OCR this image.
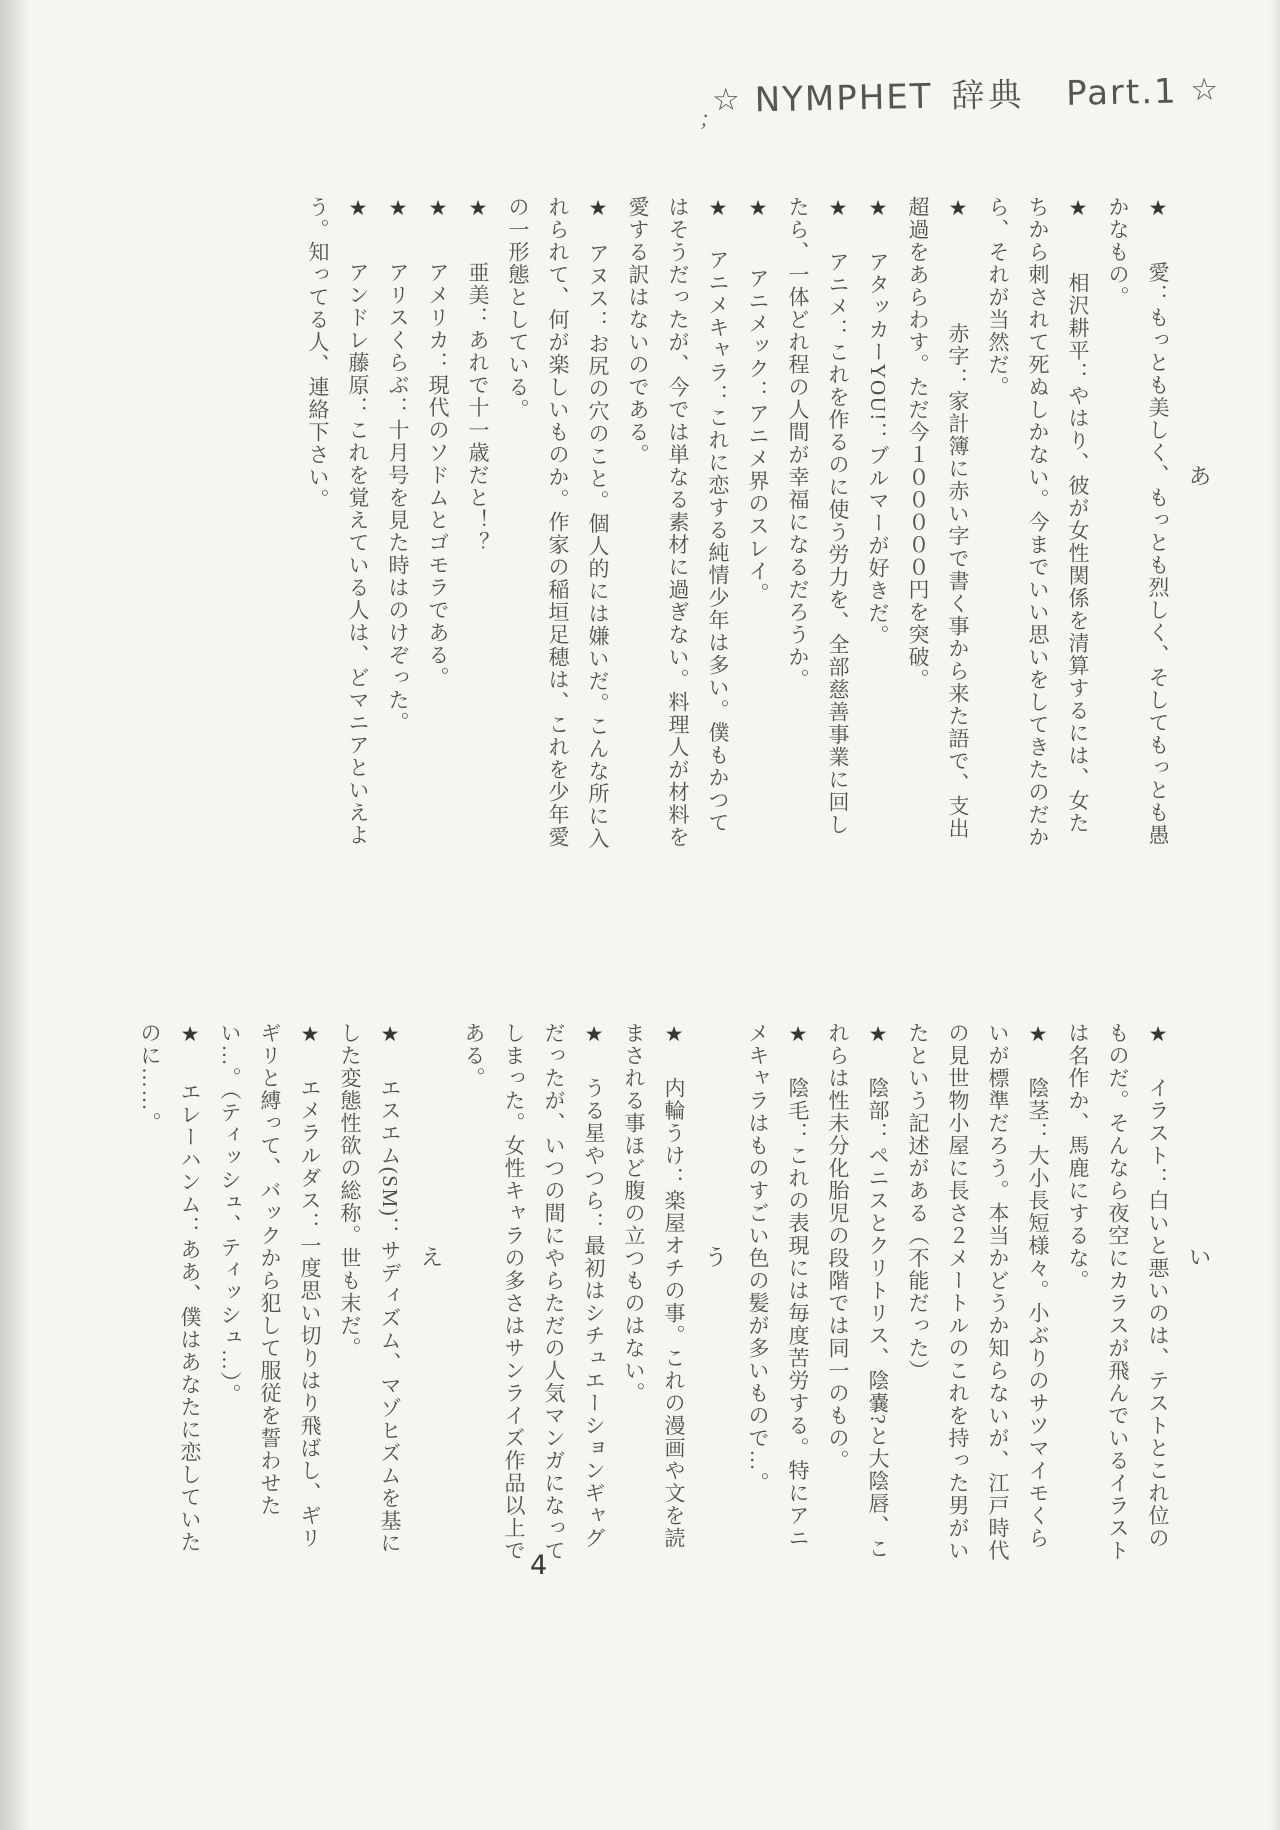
☆ NYMPHET 辞典 Part.1 ☆
；
あ
★愛：もっとも美しく、もっとも烈しく、そしてもっとも愚かなもの。
★相沢耕平：やはり、彼が女性関係を清算するには、女たちから刺されて死ぬしかない。今までいい思いをしてきたのだから、それが当然だ。
★赤字：家計簿に赤い字で書く事から来た語で、支出超過をあらわす。ただ今１０００００円を突破。
★アタッカーYOU!：ブルマーが好きだ。
★アニメ：これを作るのに使う労力を、全部慈善事業に回したら、一体どれ程の人間が幸福になるだろうか。
★アニメック：アニメ界のスレイ。
★アニメキャラ：これに恋する純情少年は多い。僕もかつてはそうだったが、今では単なる素材に過ぎない。料理人が材料を愛する訳はないのである。
★アヌス：お尻の穴のこと。個人的には嫌いだ。こんな所に入れられて、何が楽しいものか。作家の稲垣足穂は、これを少年愛の一形態としている。
★亜美：あれで十一歳だと！？
★アメリカ：現代のソドムとゴモラである。
★アリスくらぶ：十月号を見た時はのけぞった。
★アンドレ藤原：これを覚えている人は、どマニアといえよう。知ってる人、連絡下さい。
い
★イラスト：白いと悪いのは、テストとこれ位のものだ。そんなら夜空にカラスが飛んでいるイラストは名作か、馬鹿にするな。
★陰茎：大小長短様々。小ぶりのサツマイモくらいが標準だろう。本当かどうか知らないが、江戸時代の見世物小屋に長さ２メートルのこれを持った男がいたという記述がある（不能だった）
★陰部：ペニスとクリトリス、陰嚢?と大陰唇、これらは性未分化胎児の段階では同一のもの。
★陰毛：これの表現には毎度苦労する。特にアニメキャラはものすごい色の髪が多いもので…。
う
★内輪うけ：楽屋オチの事。これの漫画や文を読まされる事ほど腹の立つものはない。
★うる星やつら：最初はシチュエーションギャグだったが、いつの間にやらただの人気マンガになってしまった。女性キャラの多さはサンライズ作品以上である。
え
★エスエム(SM)：サディズム、マゾヒズムを基にした変態性欲の総称。世も末だ。
★エメラルダス：一度思い切りはり飛ばし、ギリギリと縛って、バックから犯して服従を誓わせたい…。（ティッシュ、ティッシュ…）。
★エレーハンム：ああ、僕はあなたに恋していたのに……。
4
